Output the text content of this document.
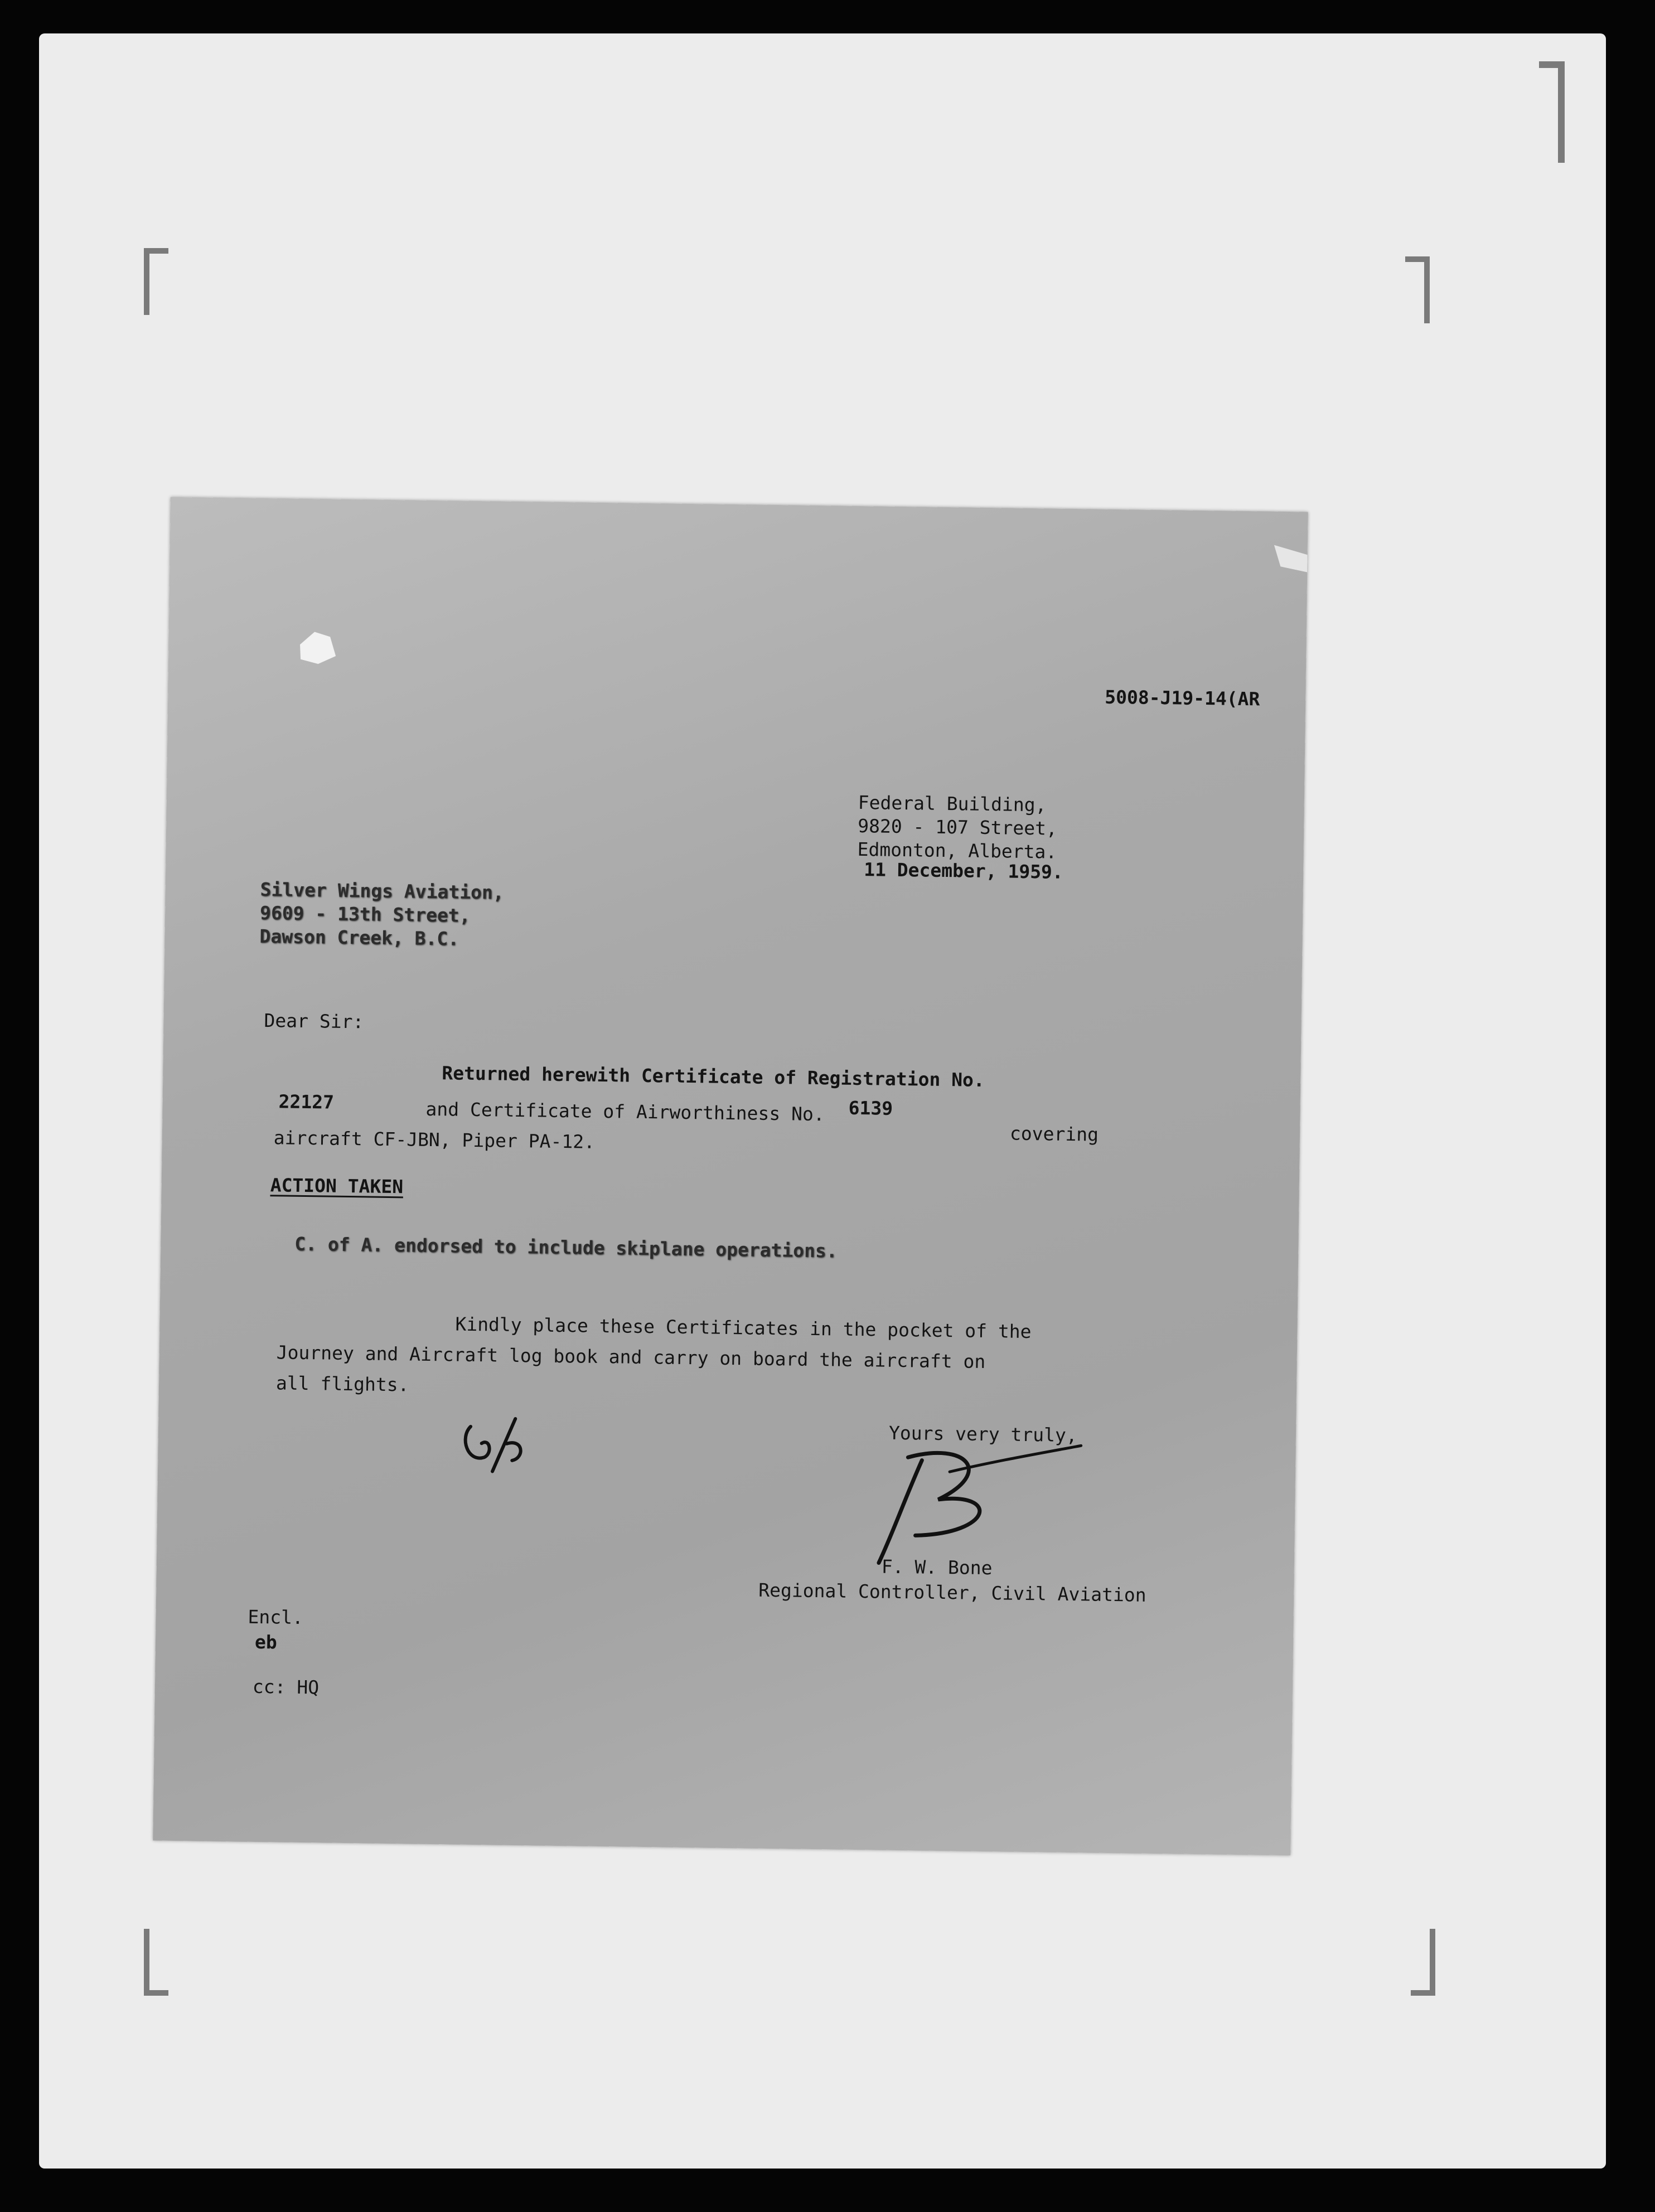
5008-J19-14(AR
Federal Building,
9820 - 107 Street,
Edmonton, Alberta.
11 December, 1959.
Silver Wings Aviation,
9609 - 13th Street,
Dawson Creek, B.C.
Dear Sir:
Returned herewith Certificate of Registration No.
22127	and Certificate of Airworthiness No. 6139
covering
aircraft CF-JBN, Piper PA-12.
ACTION TAKEN
C. of A. endorsed to include skiplane operations.
Kindly place these Certificates in the pocket of the
Journey and Aircraft log book and carry on board the aircraft on
all flights.
Yours very truly,
F. W. Bone
Regional Controller, Civil Aviation
Encl.
eb
cc: HQ
